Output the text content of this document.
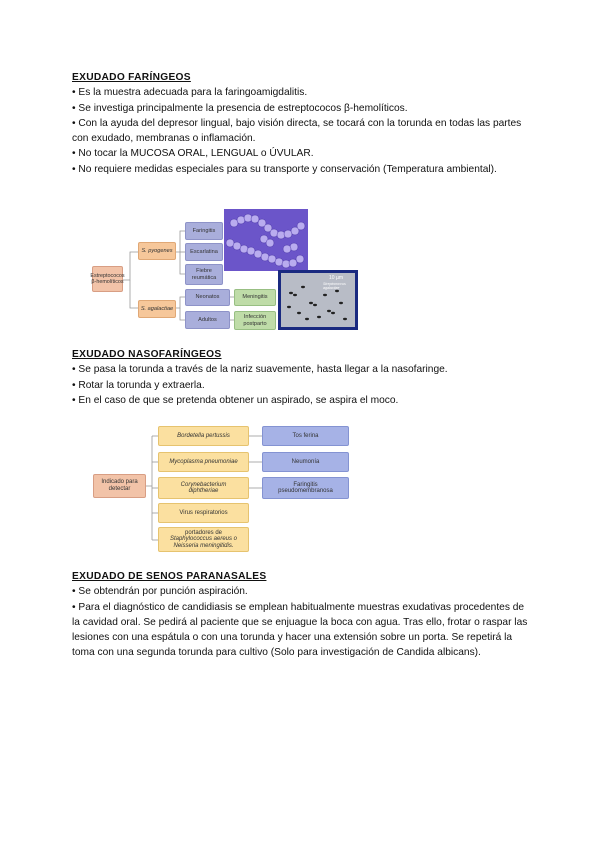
EXUDADO FARÍNGEOS
• Es la muestra adecuada para la faringoamigdalitis.
• Se investiga principalmente la presencia de estreptococos β-hemolíticos.
• Con la ayuda del depresor lingual, bajo visión directa, se tocará con la torunda en todas las partes con exudado, membranas o inflamación.
• No tocar la MUCOSA ORAL, LENGUAL o ÚVULAR.
• No requiere medidas especiales para su transporte y conservación (Temperatura ambiental).
Estreptococos β-hemolíticos
S. pyogenes
S. agalactiae
Faringitis
Escarlatina
Fiebre reumática
Neonatos
Adultos
Meningitis
Infección postparto
10 µm
Streptococcus agalactiae
EXUDADO NASOFARÍNGEOS
• Se pasa la torunda a través de la nariz suavemente, hasta llegar a la nasofaringe.
• Rotar la torunda y extraerla.
• En el caso de que se pretenda obtener un aspirado, se aspira el moco.
Indicado para detectar
Bordetella pertussis
Mycoplasma pneumoniae
Corynebacterium diphtheriae
Virus respiratorios
portadores de
Staphylococcus aereus o Neisseria meningitidis.
Tos ferina
Neumonía
Faringitis pseudomembranosa
EXUDADO DE SENOS PARANASALES
• Se obtendrán por punción aspiración.
• Para el diagnóstico de candidiasis se emplean habitualmente muestras exudativas procedentes de la cavidad oral. Se pedirá al paciente que se enjuague la boca con agua. Tras ello, frotar o raspar las lesiones con una espátula o con una torunda y hacer una extensión sobre un porta. Se repetirá la toma con una segunda torunda para cultivo (Solo para investigación de Candida albicans).
